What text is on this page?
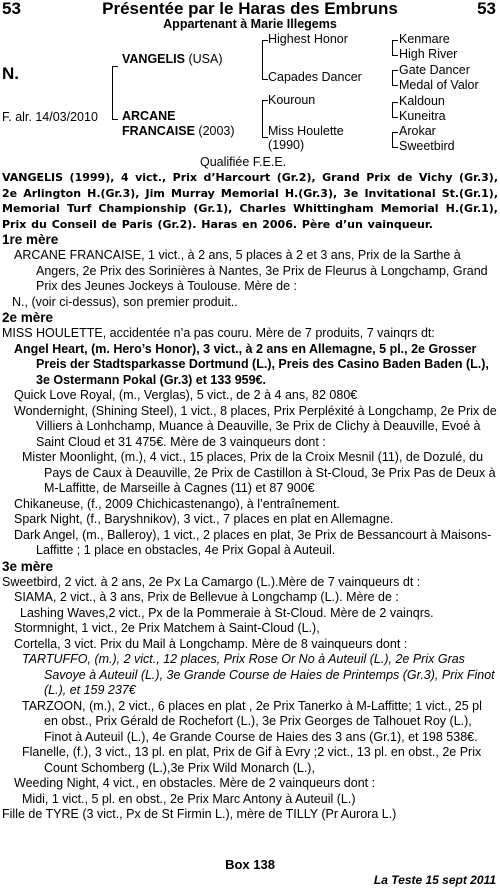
53	Présentée par le Haras des Embruns	53
Appartenant à Marie Illegems
N.
F. alr. 14/03/2010
VANGELIS (USA)
ARCANE
FRANCAISE (2003)
Highest Honor
Capades Dancer
Kouroun
Miss Houlette
(1990)
Kenmare
High River
Gate Dancer
Medal of Valor
Kaldoun
Kuneitra
Arokar
Sweetbird
Qualifiée F.E.E.
VANGELIS (1999), 4 vict., Prix d’Harcourt (Gr.2), Grand Prix de Vichy (Gr.3), 2e Arlington H.(Gr.3), Jim Murray Memorial H.(Gr.3), 3e Invitational St.(Gr.1), Memorial Turf Championship (Gr.1), Charles Whittingham Memorial H.(Gr.1), Prix du Conseil de Paris (Gr.2). Haras en 2006. Père d’un vainqueur.
1re mère

ARCANE FRANCAISE, 1 vict., à 2 ans, 5 places à 2 et 3 ans, Prix de la Sarthe à Angers, 2e Prix des Sorinières à Nantes, 3e Prix de Fleurus à Longchamp, Grand Prix des Jeunes Jockeys à Toulouse. Mère de :

N., (voir ci-dessus), son premier produit..

2e mère

MISS HOULETTE, accidentée n’a pas couru. Mère de 7 produits, 7 vainqrs dt:

Angel Heart, (m. Hero’s Honor), 3 vict., à 2 ans en Allemagne, 5 pl., 2e Grosser Preis der Stadtsparkasse Dortmund (L.), Preis des Casino Baden Baden (L.), 3e Ostermann Pokal (Gr.3) et 133 959€.

Quick Love Royal, (m., Verglas), 5 vict., de 2 à 4 ans, 82 080€

Wondernight, (Shining Steel), 1 vict., 8 places, Prix Perpléxité à Longchamp, 2e Prix de Villiers à Lonhchamp, Muance à Deauville, 3e Prix de Clichy à Deauville, Evoé à Saint Cloud et 31 475€. Mère de 3 vainqueurs dont :

Mister Moonlight, (m.), 4 vict., 15 places, Prix de la Croix Mesnil (11), de Dozulé, du Pays de Caux à Deauville, 2e Prix de Castillon à St-Cloud, 3e Prix Pas de Deux à M-Laffitte, de Marseille à Cagnes (11) et 87 900€

Chikaneuse, (f., 2009 Chichicastenango), à l’entraînement.

Spark Night, (f., Baryshnikov), 3 vict., 7 places en plat en Allemagne.

Dark Angel, (m., Balleroy), 1 vict., 2 places en plat, 3e Prix de Bessancourt à Maisons-Laffitte ; 1 place en obstacles, 4e Prix Gopal à Auteuil.

3e mère

Sweetbird, 2 vict. à 2 ans, 2e Px La Camargo (L.).Mère de 7 vainqueurs dt :

SIAMA, 2 vict., à 3 ans, Prix de Bellevue à Longchamp (L.). Mère de :

Lashing Waves,2 vict., Px de la Pommeraie à St-Cloud. Mère de 2 vainqrs.

Stormnight, 1 vict., 2e Prix Matchem à Saint-Cloud (L.),

Cortella, 3 vict. Prix du Mail à Longchamp. Mère de 8 vainqueurs dont :

TARTUFFO, (m.), 2 vict., 12 places, Prix Rose Or No à Auteuil (L.), 2e Prix Gras Savoye à Auteuil (L.), 3e Grande Course de Haies de Printemps (Gr.3), Prix Finot (L.), et 159 237€

TARZOON, (m.), 2 vict., 6 places en plat , 2e Prix Tanerko à M-Laffitte; 1 vict., 25 pl en obst., Prix Gérald de Rochefort (L.), 3e Prix Georges de Talhouet Roy (L.), Finot à Auteuil (L.), 4e Grande Course de Haies des 3 ans (Gr.1), et 198 538€.

Flanelle, (f.), 3 vict., 13 pl. en plat, Prix de Gif à Evry ;2 vict., 13 pl. en obst., 2e Prix Count Schomberg (L.),3e Prix Wild Monarch (L.),

Weeding Night, 4 vict., en obstacles. Mère de 2 vainqueurs dont :

Midi, 1 vict., 5 pl. en obst., 2e Prix Marc Antony à Auteuil (L.)

Fille de TYRE (3 vict., Px de St Firmin L.), mère de TILLY (Pr Aurora L.)

Box 138
La Teste 15 sept 2011
